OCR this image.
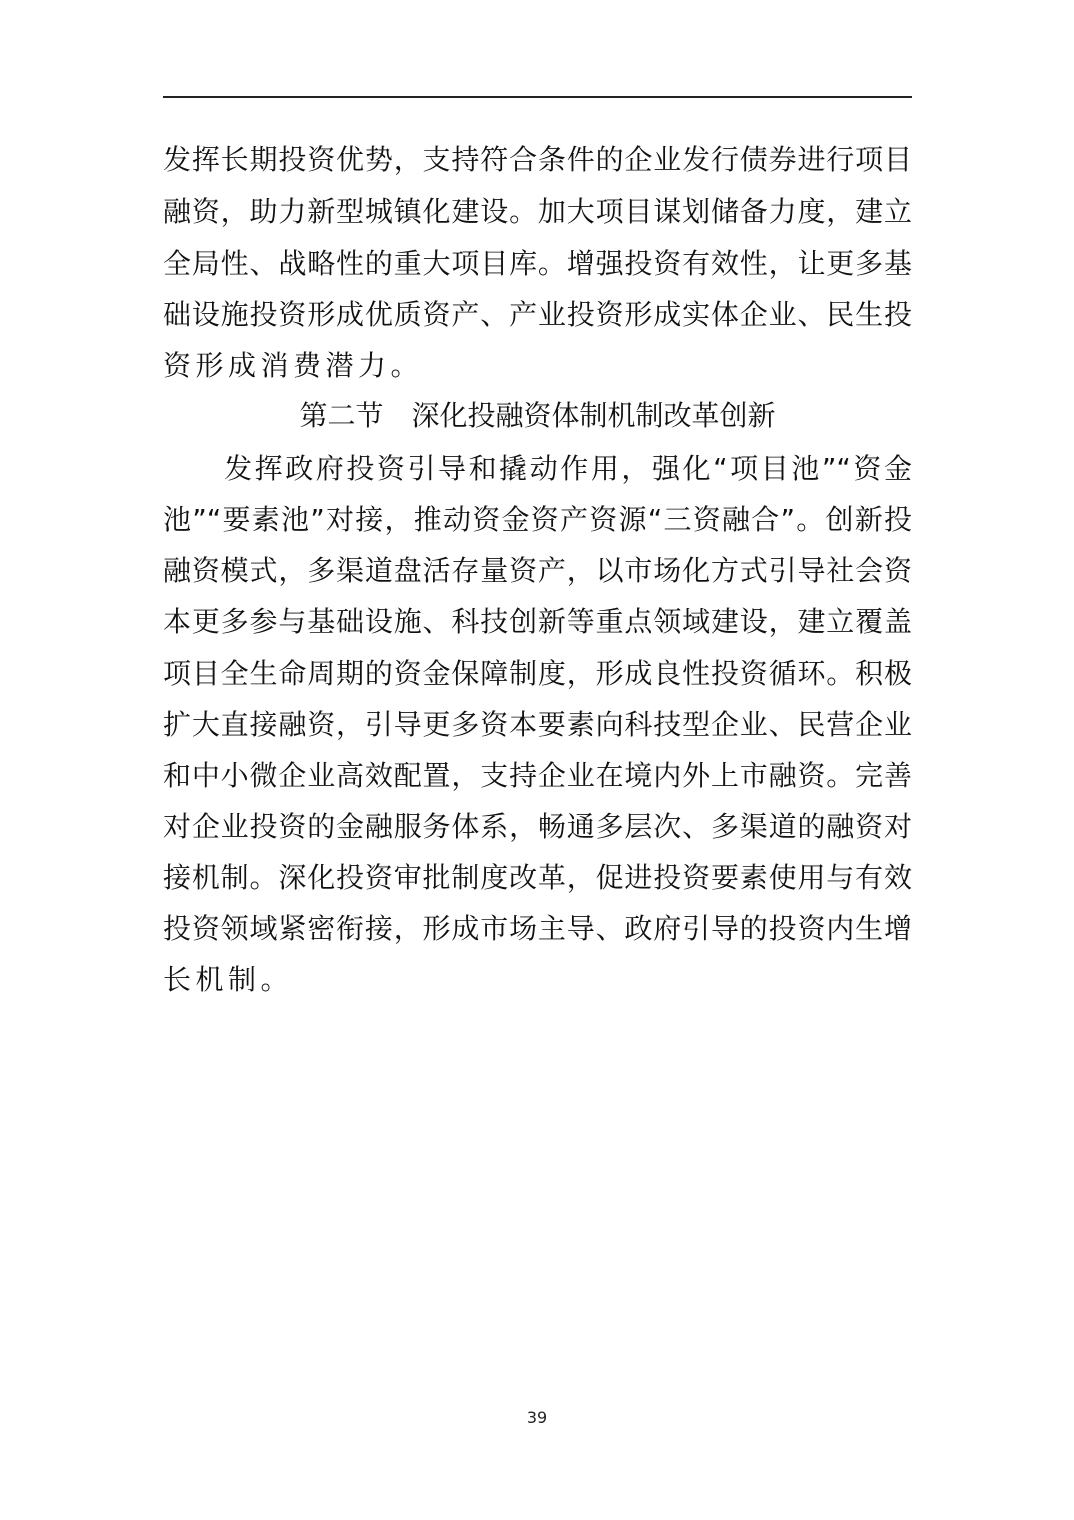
发挥长期投资优势，支持符合条件的企业发行债券进行项目
融资，助力新型城镇化建设。加大项目谋划储备力度，建立
全局性、战略性的重大项目库。增强投资有效性，让更多基
础设施投资形成优质资产、产业投资形成实体企业、民生投
资形成消费潜力。
第二节　深化投融资体制机制改革创新
　　发挥政府投资引导和撬动作用，强化“项目池”“资金
池”“要素池”对接，推动资金资产资源“三资融合”。创新投
融资模式，多渠道盘活存量资产，以市场化方式引导社会资
本更多参与基础设施、科技创新等重点领域建设，建立覆盖
项目全生命周期的资金保障制度，形成良性投资循环。积极
扩大直接融资，引导更多资本要素向科技型企业、民营企业
和中小微企业高效配置，支持企业在境内外上市融资。完善
对企业投资的金融服务体系，畅通多层次、多渠道的融资对
接机制。深化投资审批制度改革，促进投资要素使用与有效
投资领域紧密衔接，形成市场主导、政府引导的投资内生增
长机制。
39
